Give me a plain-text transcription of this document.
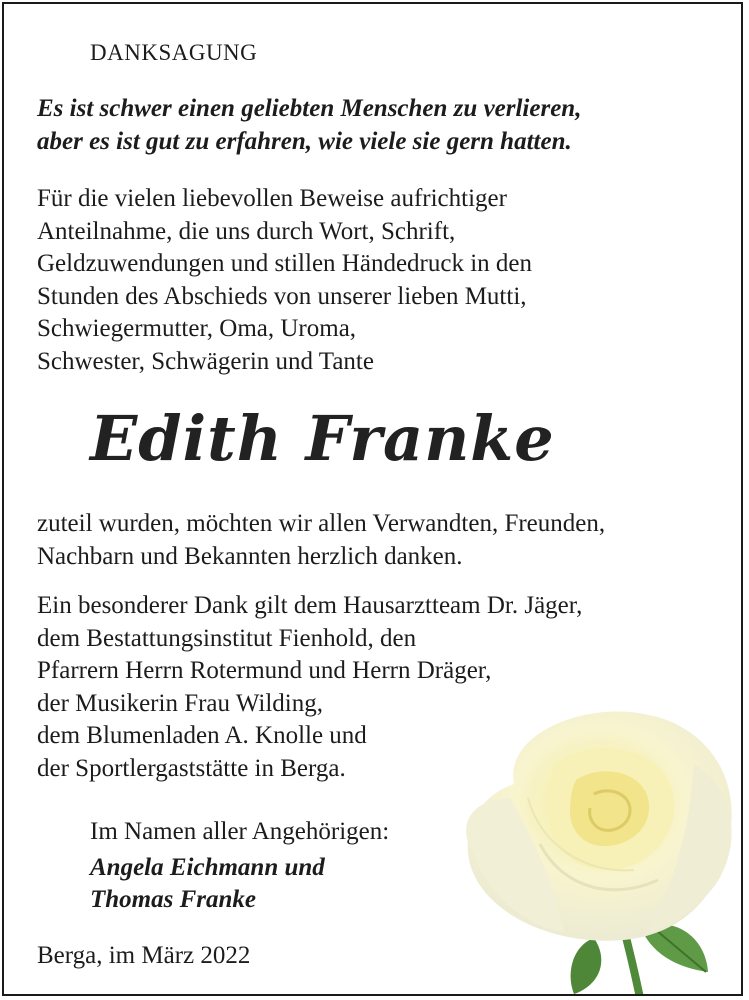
DANKSAGUNG
Es ist schwer einen geliebten Menschen zu verlieren,
aber es ist gut zu erfahren, wie viele sie gern hatten.
Für die vielen liebevollen Beweise aufrichtiger
Anteilnahme, die uns durch Wort, Schrift,
Geldzuwendungen und stillen Händedruck in den
Stunden des Abschieds von unserer lieben Mutti,
Schwiegermutter, Oma, Uroma,
Schwester, Schwägerin und Tante
Edith Franke
zuteil wurden, möchten wir allen Verwandten, Freunden,
Nachbarn und Bekannten herzlich danken.
Ein besonderer Dank gilt dem Hausarztteam Dr. Jäger,
dem Bestattungsinstitut Fienhold, den
Pfarrern Herrn Rotermund und Herrn Dräger,
der Musikerin Frau Wilding,
dem Blumenladen A. Knolle und
der Sportlergaststätte in Berga.
Im Namen aller Angehörigen:
Angela Eichmann und
Thomas Franke
Berga, im März 2022
